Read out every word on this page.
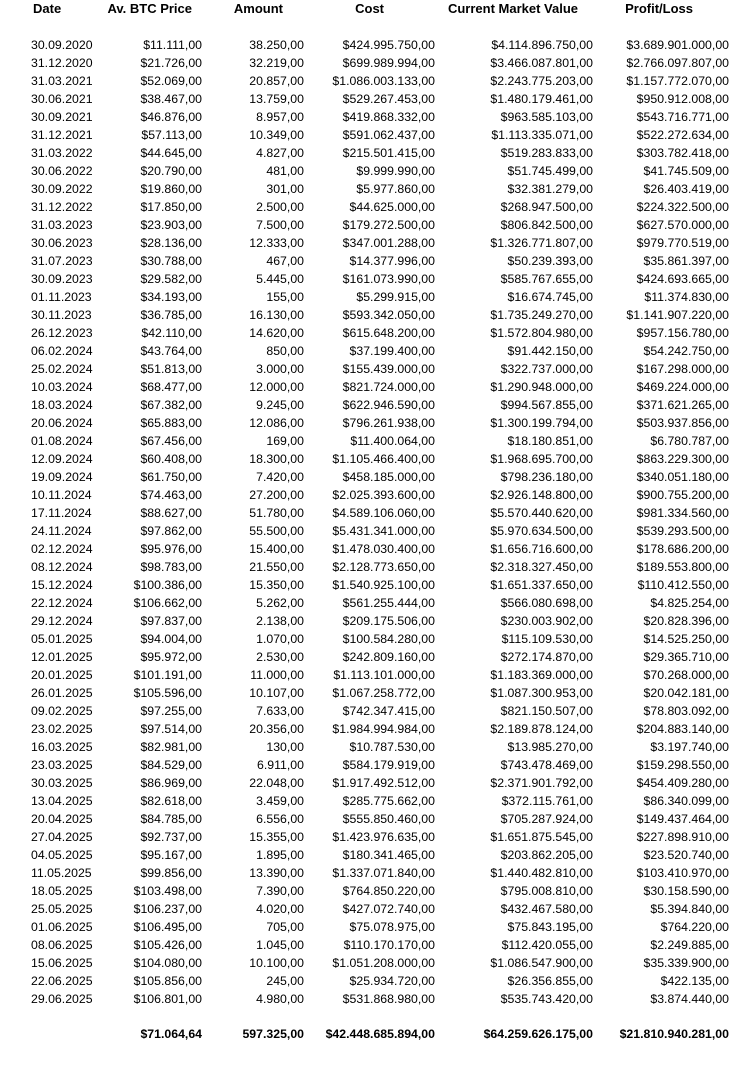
Date	Av. BTC Price	Amount	Cost	Current Market Value	Profit/Loss

30.09.2020	$11.111,00	38.250,00	$424.995.750,00	$4.114.896.750,00	$3.689.901.000,00
31.12.2020	$21.726,00	32.219,00	$699.989.994,00	$3.466.087.801,00	$2.766.097.807,00
31.03.2021	$52.069,00	20.857,00	$1.086.003.133,00	$2.243.775.203,00	$1.157.772.070,00
30.06.2021	$38.467,00	13.759,00	$529.267.453,00	$1.480.179.461,00	$950.912.008,00
30.09.2021	$46.876,00	8.957,00	$419.868.332,00	$963.585.103,00	$543.716.771,00
31.12.2021	$57.113,00	10.349,00	$591.062.437,00	$1.113.335.071,00	$522.272.634,00
31.03.2022	$44.645,00	4.827,00	$215.501.415,00	$519.283.833,00	$303.782.418,00
30.06.2022	$20.790,00	481,00	$9.999.990,00	$51.745.499,00	$41.745.509,00
30.09.2022	$19.860,00	301,00	$5.977.860,00	$32.381.279,00	$26.403.419,00
31.12.2022	$17.850,00	2.500,00	$44.625.000,00	$268.947.500,00	$224.322.500,00
31.03.2023	$23.903,00	7.500,00	$179.272.500,00	$806.842.500,00	$627.570.000,00
30.06.2023	$28.136,00	12.333,00	$347.001.288,00	$1.326.771.807,00	$979.770.519,00
31.07.2023	$30.788,00	467,00	$14.377.996,00	$50.239.393,00	$35.861.397,00
30.09.2023	$29.582,00	5.445,00	$161.073.990,00	$585.767.655,00	$424.693.665,00
01.11.2023	$34.193,00	155,00	$5.299.915,00	$16.674.745,00	$11.374.830,00
30.11.2023	$36.785,00	16.130,00	$593.342.050,00	$1.735.249.270,00	$1.141.907.220,00
26.12.2023	$42.110,00	14.620,00	$615.648.200,00	$1.572.804.980,00	$957.156.780,00
06.02.2024	$43.764,00	850,00	$37.199.400,00	$91.442.150,00	$54.242.750,00
25.02.2024	$51.813,00	3.000,00	$155.439.000,00	$322.737.000,00	$167.298.000,00
10.03.2024	$68.477,00	12.000,00	$821.724.000,00	$1.290.948.000,00	$469.224.000,00
18.03.2024	$67.382,00	9.245,00	$622.946.590,00	$994.567.855,00	$371.621.265,00
20.06.2024	$65.883,00	12.086,00	$796.261.938,00	$1.300.199.794,00	$503.937.856,00
01.08.2024	$67.456,00	169,00	$11.400.064,00	$18.180.851,00	$6.780.787,00
12.09.2024	$60.408,00	18.300,00	$1.105.466.400,00	$1.968.695.700,00	$863.229.300,00
19.09.2024	$61.750,00	7.420,00	$458.185.000,00	$798.236.180,00	$340.051.180,00
10.11.2024	$74.463,00	27.200,00	$2.025.393.600,00	$2.926.148.800,00	$900.755.200,00
17.11.2024	$88.627,00	51.780,00	$4.589.106.060,00	$5.570.440.620,00	$981.334.560,00
24.11.2024	$97.862,00	55.500,00	$5.431.341.000,00	$5.970.634.500,00	$539.293.500,00
02.12.2024	$95.976,00	15.400,00	$1.478.030.400,00	$1.656.716.600,00	$178.686.200,00
08.12.2024	$98.783,00	21.550,00	$2.128.773.650,00	$2.318.327.450,00	$189.553.800,00
15.12.2024	$100.386,00	15.350,00	$1.540.925.100,00	$1.651.337.650,00	$110.412.550,00
22.12.2024	$106.662,00	5.262,00	$561.255.444,00	$566.080.698,00	$4.825.254,00
29.12.2024	$97.837,00	2.138,00	$209.175.506,00	$230.003.902,00	$20.828.396,00
05.01.2025	$94.004,00	1.070,00	$100.584.280,00	$115.109.530,00	$14.525.250,00
12.01.2025	$95.972,00	2.530,00	$242.809.160,00	$272.174.870,00	$29.365.710,00
20.01.2025	$101.191,00	11.000,00	$1.113.101.000,00	$1.183.369.000,00	$70.268.000,00
26.01.2025	$105.596,00	10.107,00	$1.067.258.772,00	$1.087.300.953,00	$20.042.181,00
09.02.2025	$97.255,00	7.633,00	$742.347.415,00	$821.150.507,00	$78.803.092,00
23.02.2025	$97.514,00	20.356,00	$1.984.994.984,00	$2.189.878.124,00	$204.883.140,00
16.03.2025	$82.981,00	130,00	$10.787.530,00	$13.985.270,00	$3.197.740,00
23.03.2025	$84.529,00	6.911,00	$584.179.919,00	$743.478.469,00	$159.298.550,00
30.03.2025	$86.969,00	22.048,00	$1.917.492.512,00	$2.371.901.792,00	$454.409.280,00
13.04.2025	$82.618,00	3.459,00	$285.775.662,00	$372.115.761,00	$86.340.099,00
20.04.2025	$84.785,00	6.556,00	$555.850.460,00	$705.287.924,00	$149.437.464,00
27.04.2025	$92.737,00	15.355,00	$1.423.976.635,00	$1.651.875.545,00	$227.898.910,00
04.05.2025	$95.167,00	1.895,00	$180.341.465,00	$203.862.205,00	$23.520.740,00
11.05.2025	$99.856,00	13.390,00	$1.337.071.840,00	$1.440.482.810,00	$103.410.970,00
18.05.2025	$103.498,00	7.390,00	$764.850.220,00	$795.008.810,00	$30.158.590,00
25.05.2025	$106.237,00	4.020,00	$427.072.740,00	$432.467.580,00	$5.394.840,00
01.06.2025	$106.495,00	705,00	$75.078.975,00	$75.843.195,00	$764.220,00
08.06.2025	$105.426,00	1.045,00	$110.170.170,00	$112.420.055,00	$2.249.885,00
15.06.2025	$104.080,00	10.100,00	$1.051.208.000,00	$1.086.547.900,00	$35.339.900,00
22.06.2025	$105.856,00	245,00	$25.934.720,00	$26.356.855,00	$422.135,00
29.06.2025	$106.801,00	4.980,00	$531.868.980,00	$535.743.420,00	$3.874.440,00

	$71.064,64	597.325,00	$42.448.685.894,00	$64.259.626.175,00	$21.810.940.281,00
